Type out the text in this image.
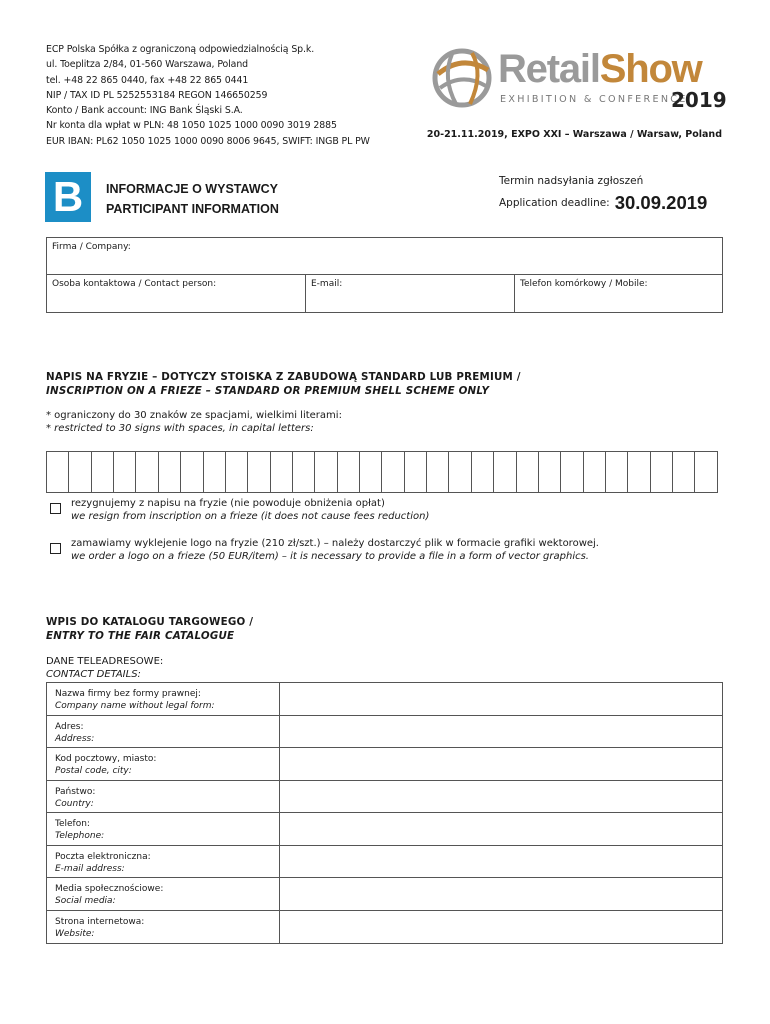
ECP Polska Spółka z ograniczoną odpowiedzialnością Sp.k.
ul. Toeplitza 2/84, 01-560 Warszawa, Poland
tel. +48 22 865 0440, fax +48 22 865 0441
NIP / TAX ID PL 5252553184 REGON 146650259
Konto / Bank account: ING Bank Śląski S.A.
Nr konta dla wpłat w PLN: 48 1050 1025 1000 0090 3019 2885
EUR IBAN: PL62 1050 1025 1000 0090 8006 9645, SWIFT: INGB PL PW
RetailShow
EXHIBITION & CONFERENCE
2019
20-21.11.2019, EXPO XXI – Warszawa / Warsaw, Poland
B	INFORMACJE O WYSTAWCY
PARTICIPANT INFORMATION
Termin nadsyłania zgłoszeń
Application deadline: 30.09.2019
Firma / Company:
Osoba kontaktowa / Contact person:	E-mail:	Telefon komórkowy / Mobile:
NAPIS NA FRYZIE – DOTYCZY STOISKA Z ZABUDOWĄ STANDARD LUB PREMIUM /
INSCRIPTION ON A FRIEZE – STANDARD OR PREMIUM SHELL SCHEME ONLY
* ograniczony do 30 znaków ze spacjami, wielkimi literami:
* restricted to 30 signs with spaces, in capital letters:
rezygnujemy z napisu na fryzie (nie powoduje obniżenia opłat)
we resign from inscription on a frieze (it does not cause fees reduction)
zamawiamy wyklejenie logo na fryzie (210 zł/szt.) – należy dostarczyć plik w formacie grafiki wektorowej.
we order a logo on a frieze (50 EUR/item) – it is necessary to provide a file in a form of vector graphics.
WPIS DO KATALOGU TARGOWEGO /
ENTRY TO THE FAIR CATALOGUE
DANE TELEADRESOWE:
CONTACT DETAILS:
Nazwa firmy bez formy prawnej:
Company name without legal form:
Adres:
Address:
Kod pocztowy, miasto:
Postal code, city:
Państwo:
Country:
Telefon:
Telephone:
Poczta elektroniczna:
E-mail address:
Media społecznościowe:
Social media:
Strona internetowa:
Website:
